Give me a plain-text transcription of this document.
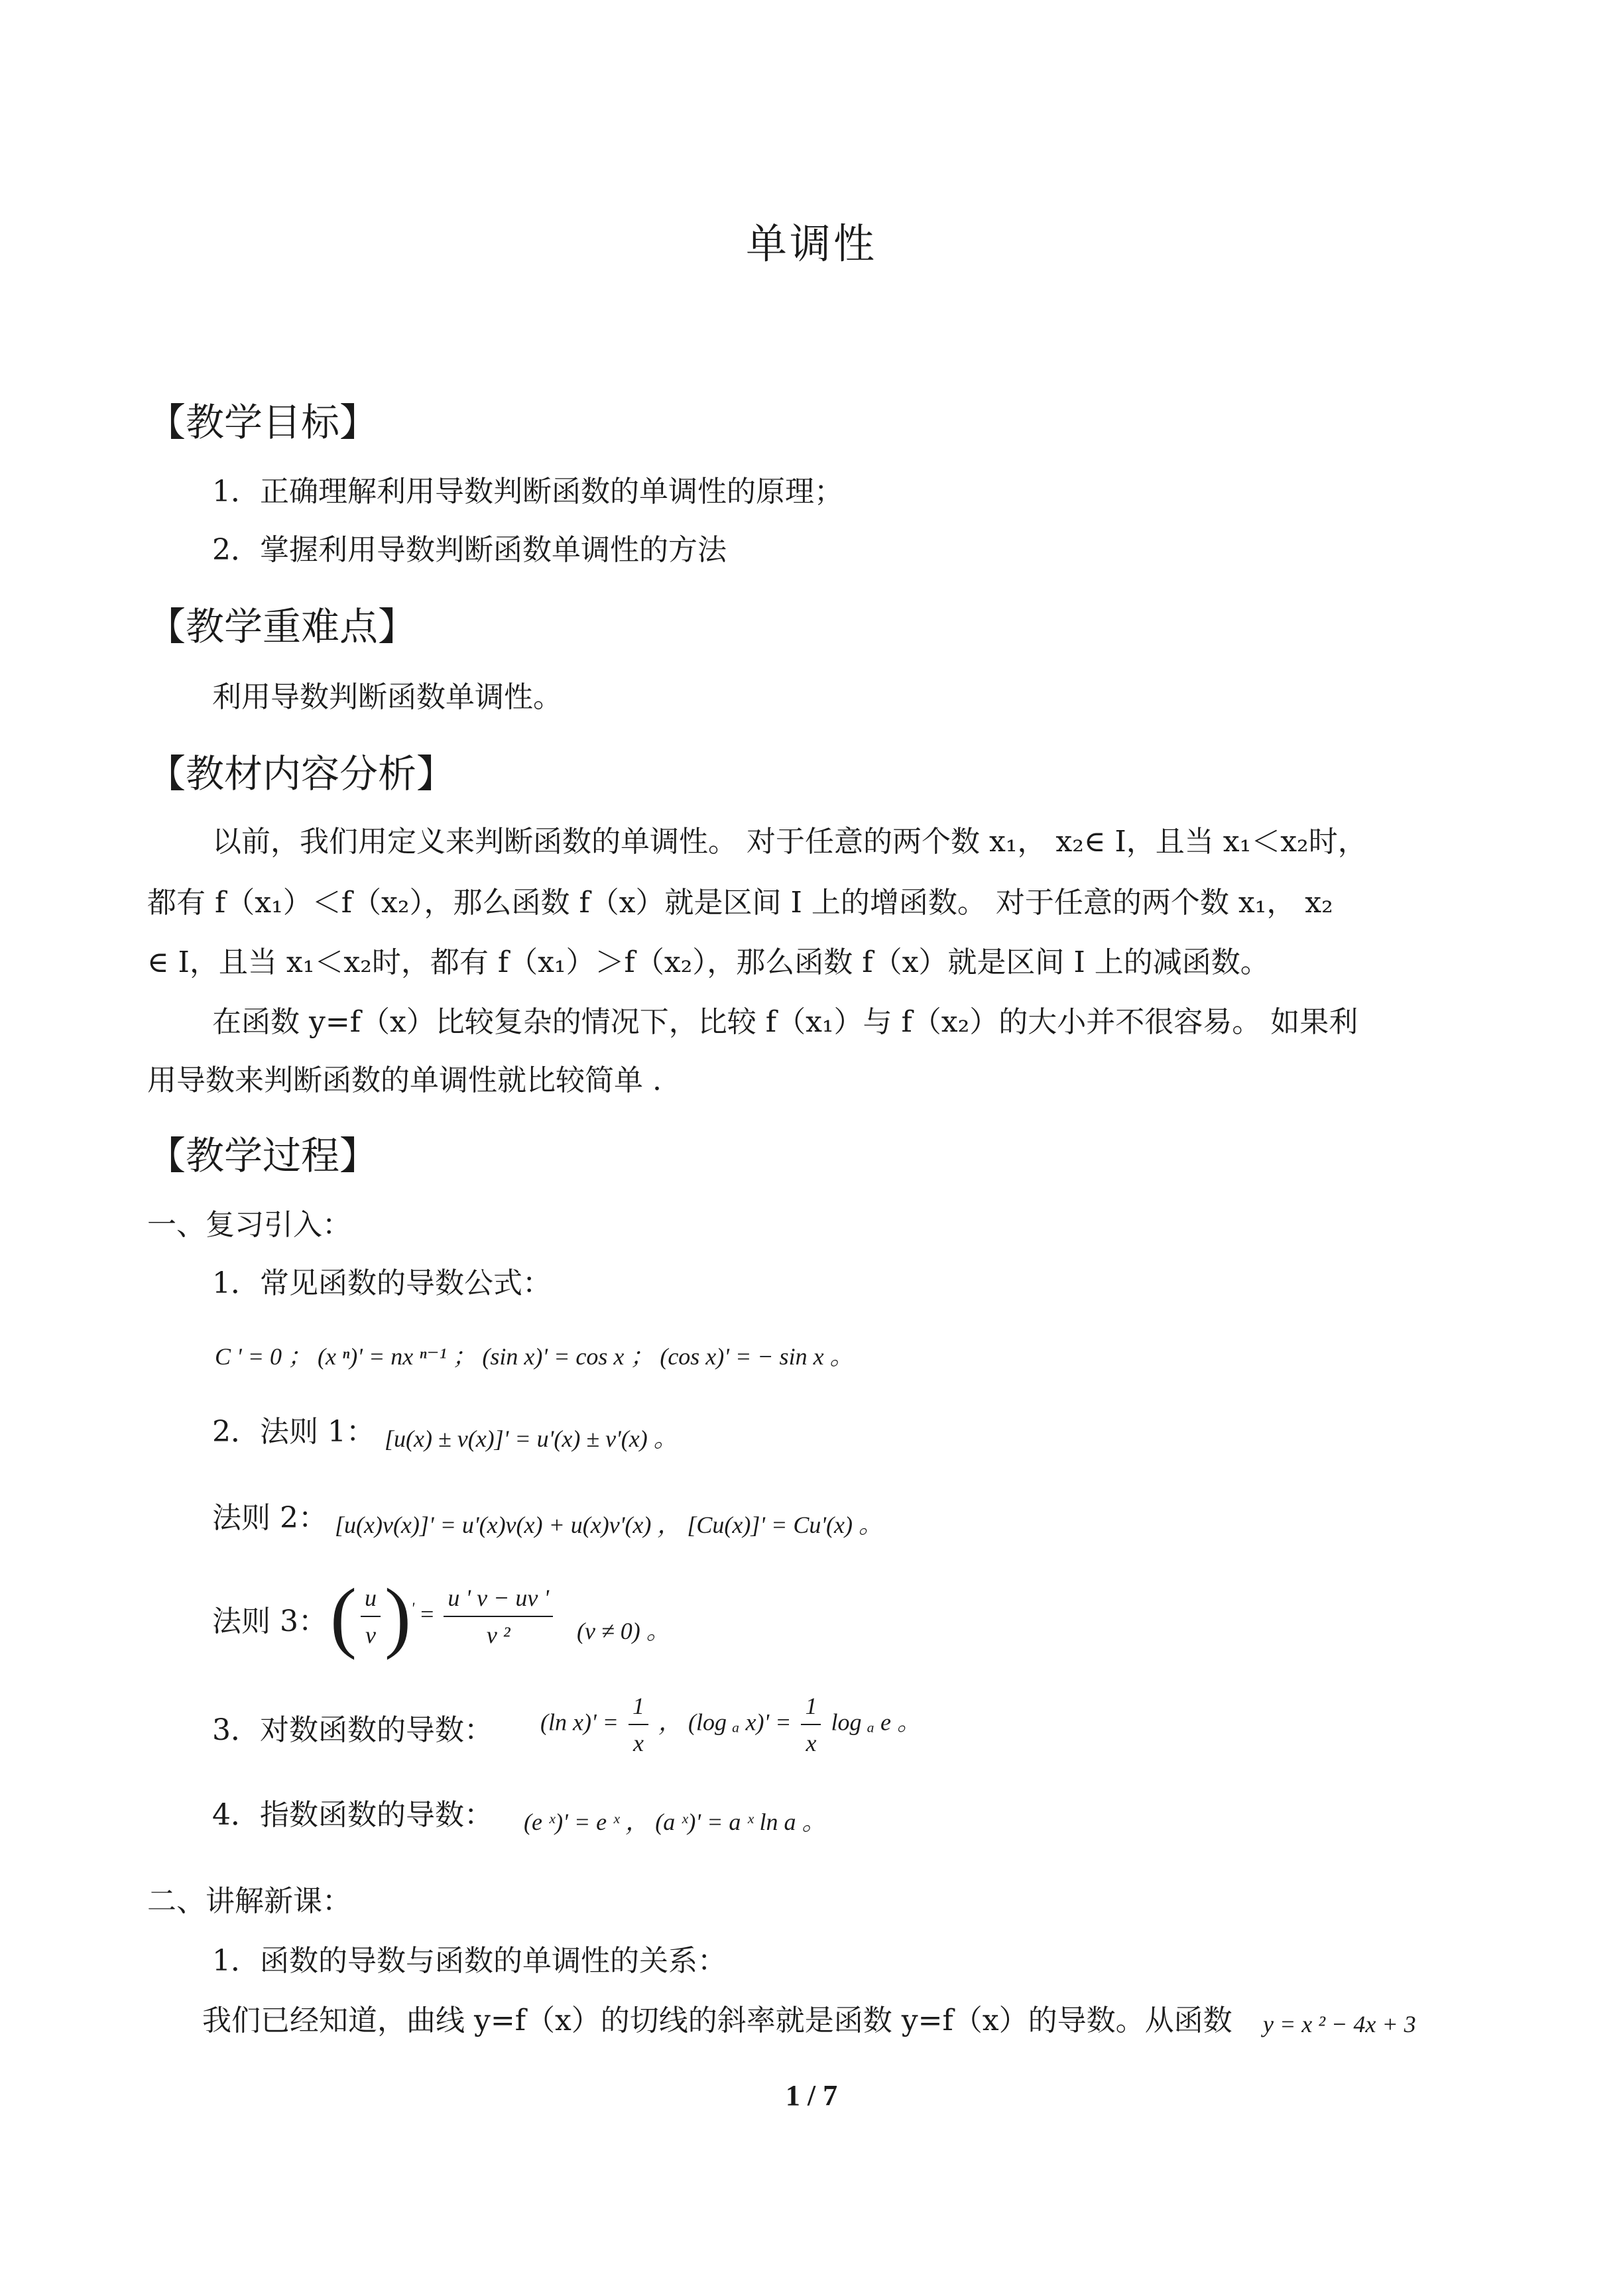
单调性
【教学目标】
1．正确理解利用导数判断函数的单调性的原理；
2．掌握利用导数判断函数单调性的方法
【教学重难点】
利用导数判断函数单调性。
【教材内容分析】
以前，我们用定义来判断函数的单调性。 对于任意的两个数 x₁， x₂∈ I，且当 x₁＜x₂时，
都有 f（x₁）＜f（x₂），那么函数 f（x）就是区间 I 上的增函数。 对于任意的两个数 x₁， x₂
∈ I，且当 x₁＜x₂时，都有 f（x₁）＞f（x₂），那么函数 f（x）就是区间 I 上的减函数。
在函数 y=f（x）比较复杂的情况下，比较 f（x₁）与 f（x₂）的大小并不很容易。 如果利
用导数来判断函数的单调性就比较简单 .
【教学过程】
一、复习引入：
1．常见函数的导数公式：
C ' = 0 ； (x ⁿ)' = nx ⁿ⁻¹ ； (sin x)' = cos x ； (cos x)' = − sin x 。
2．法则 1： [u(x) ± v(x)]' = u'(x) ± v'(x) 。
法则 2： [u(x)v(x)]' = u'(x)v(x) + u(x)v'(x) ， [Cu(x)]' = Cu'(x) 。
法则 3： ( $\frac{u}{v} )' = \frac{u ' v - uv '}{\text{v ²}} (v \ne 0)$ 。
3．对数函数的导数： (ln $x)' = \frac{1}{x}$ ， (log ₐ $x)' = \frac{1}{x}$ log ₐ e 。
4．指数函数的导数： (e ˣ)' = e ˣ ， (a ˣ)' = a ˣ ln a 。
二、讲解新课：
1．函数的导数与函数的单调性的关系：
我们已经知道，曲线 y=f（x）的切线的斜率就是函数 y=f（x）的导数。从函数 y = x ² − 4x + 3
1 / 7
